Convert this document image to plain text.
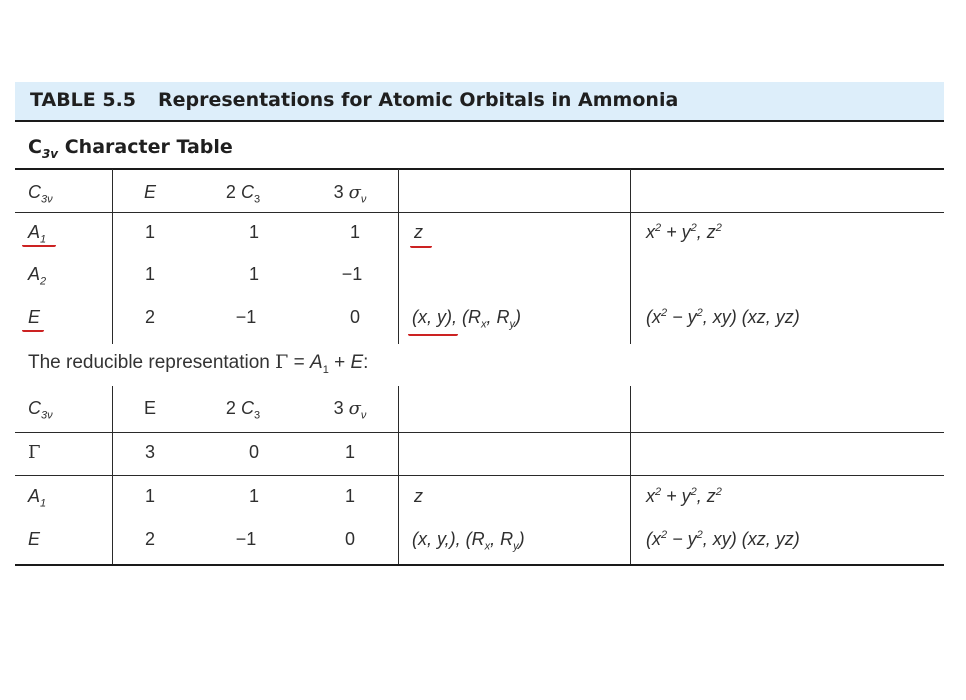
TABLE 5.5 Representations for Atomic Orbitals in Ammonia
$C_{3v}$ Character Table
$C_{3\nu}$	E	2 $C_3$	3 $\sigma_\nu$
$A_1$	1	1	1	z	$x^2 + y^2$, $z^2$
$A_2$	1	1	−1
E	2	−1	0	(x, y), ($R_x$, $R_y$)	($x^2 - y^2$, xy) (xz, yz)
The reducible representation $\Gamma = A_1 + E$:
$C_{3\nu}$	E	2 $C_3$	3 $\sigma_\nu$
Γ	3	0	1
$A_1$	1	1	1	z	$x^2 + y^2$, $z^2$
E	2	−1	0	(x, y,), ($R_x$, $R_y$)	($x^2 - y^2$, xy) (xz, yz)
